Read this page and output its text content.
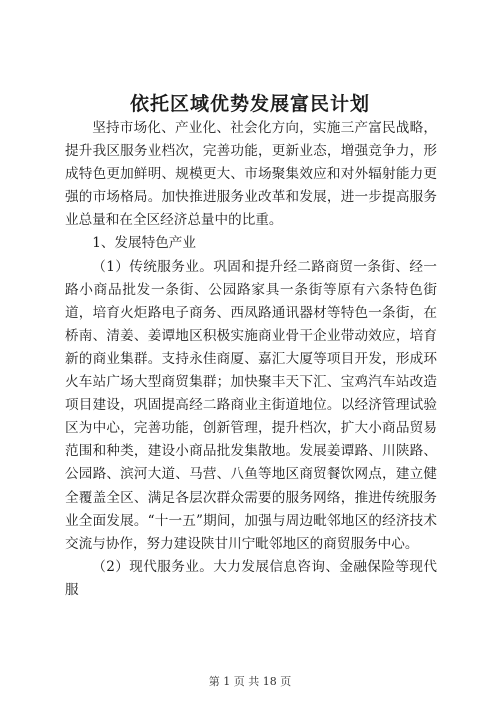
依托区域优势发展富民计划

坚持市场化、产业化、社会化方向，实施三产富民战略，提升我区服务业档次，完善功能，更新业态，增强竞争力，形成特色更加鲜明、规模更大、市场聚集效应和对外辐射能力更强的市场格局。加快推进服务业改革和发展，进一步提高服务业总量和在全区经济总量中的比重。

1、发展特色产业

（1）传统服务业。巩固和提升经二路商贸一条街、经一路小商品批发一条街、公园路家具一条街等原有六条特色街道，培育火炬路电子商务、西凤路通讯器材等特色一条街，在桥南、清姜、姜谭地区积极实施商业骨干企业带动效应，培育新的商业集群。支持永佳商厦、嘉汇大厦等项目开发，形成环火车站广场大型商贸集群；加快聚丰天下汇、宝鸡汽车站改造项目建设，巩固提高经二路商业主街道地位。以经济管理试验区为中心，完善功能，创新管理，提升档次，扩大小商品贸易范围和种类，建设小商品批发集散地。发展姜谭路、川陕路、公园路、滨河大道、马营、八鱼等地区商贸餐饮网点，建立健全覆盖全区、满足各层次群众需要的服务网络，推进传统服务业全面发展。“十一五”期间，加强与周边毗邻地区的经济技术交流与协作，努力建设陕甘川宁毗邻地区的商贸服务中心。

（2）现代服务业。大力发展信息咨询、金融保险等现代服

第 1 页 共 18 页
